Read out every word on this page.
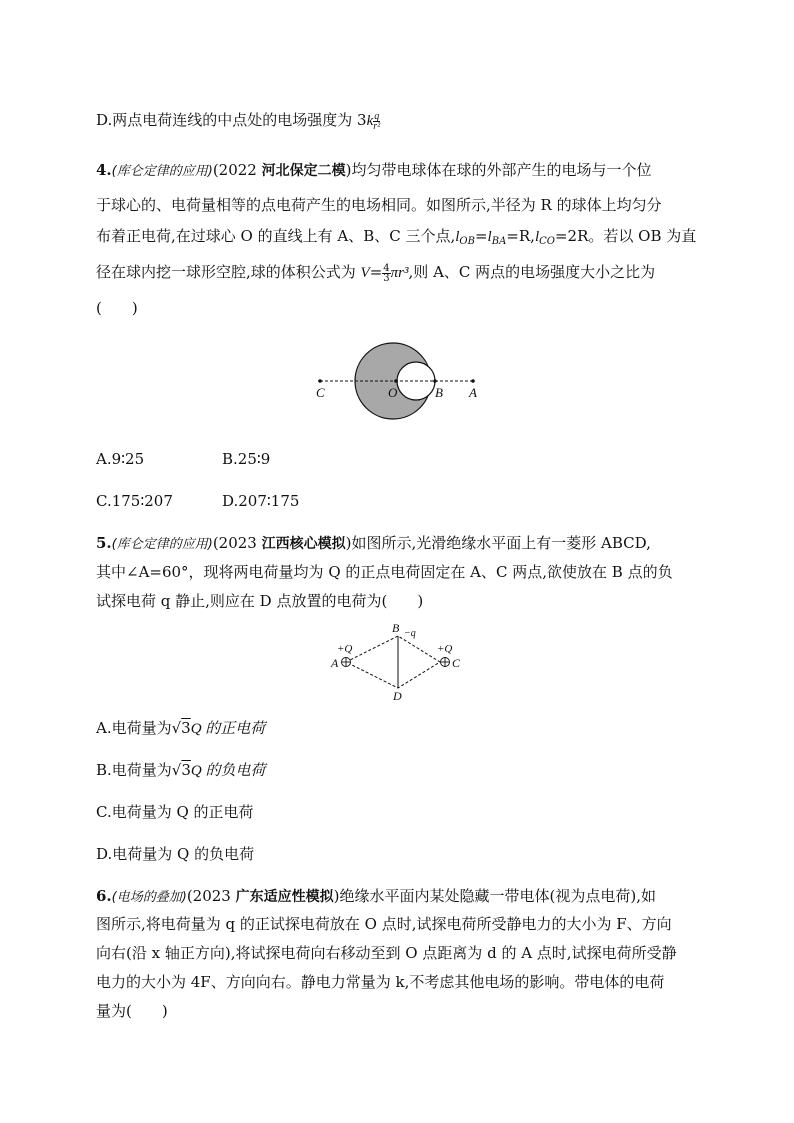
D.两点电荷连线的中点处的电场强度为 $3k \frac{q}{\text{r²}}$
4.(库仑定律的应用)(2022 河北保定二模)均匀带电球体在球的外部产生的电场与一个位
于球心的、电荷量相等的点电荷产生的电场相同。如图所示,半径为 R 的球体上均匀分
布着正电荷,在过球心 O 的直线上有 A、B、C 三个点$,l_{OB}=l_{BA}=R,l_{CO}=2R$。若以 OB 为直
径在球内挖一球形空腔,球的体积公式为 $V= \frac{4}{3} \pi r^3$,则 A、C 两点的电场强度大小之比为
(　　)
C	O	B A
A.9∶25	B.25∶9
C.175∶207	D.207∶175
5.(库仑定律的应用)(2023 江西核心模拟)如图所示,光滑绝缘水平面上有一菱形 ABCD,
其中∠A=60°，现将两电荷量均为 Q 的正点电荷固定在 A、C 两点,欲使放在 B 点的负
试探电荷 q 静止,则应在 D 点放置的电荷为(　　)
+Q
A
B −q
+Q
C
D
A.电荷量为√3Q 的正电荷
B.电荷量为√3Q 的负电荷
C.电荷量为 Q 的正电荷
D.电荷量为 Q 的负电荷
6.(电场的叠加)(2023 广东适应性模拟)绝缘水平面内某处隐藏一带电体(视为点电荷),如
图所示,将电荷量为 q 的正试探电荷放在 O 点时,试探电荷所受静电力的大小为 F、方向
向右(沿 x 轴正方向),将试探电荷向右移动至到 O 点距离为 d 的 A 点时,试探电荷所受静
电力的大小为 4F、方向向右。静电力常量为 k,不考虑其他电场的影响。带电体的电荷
量为(　　)
